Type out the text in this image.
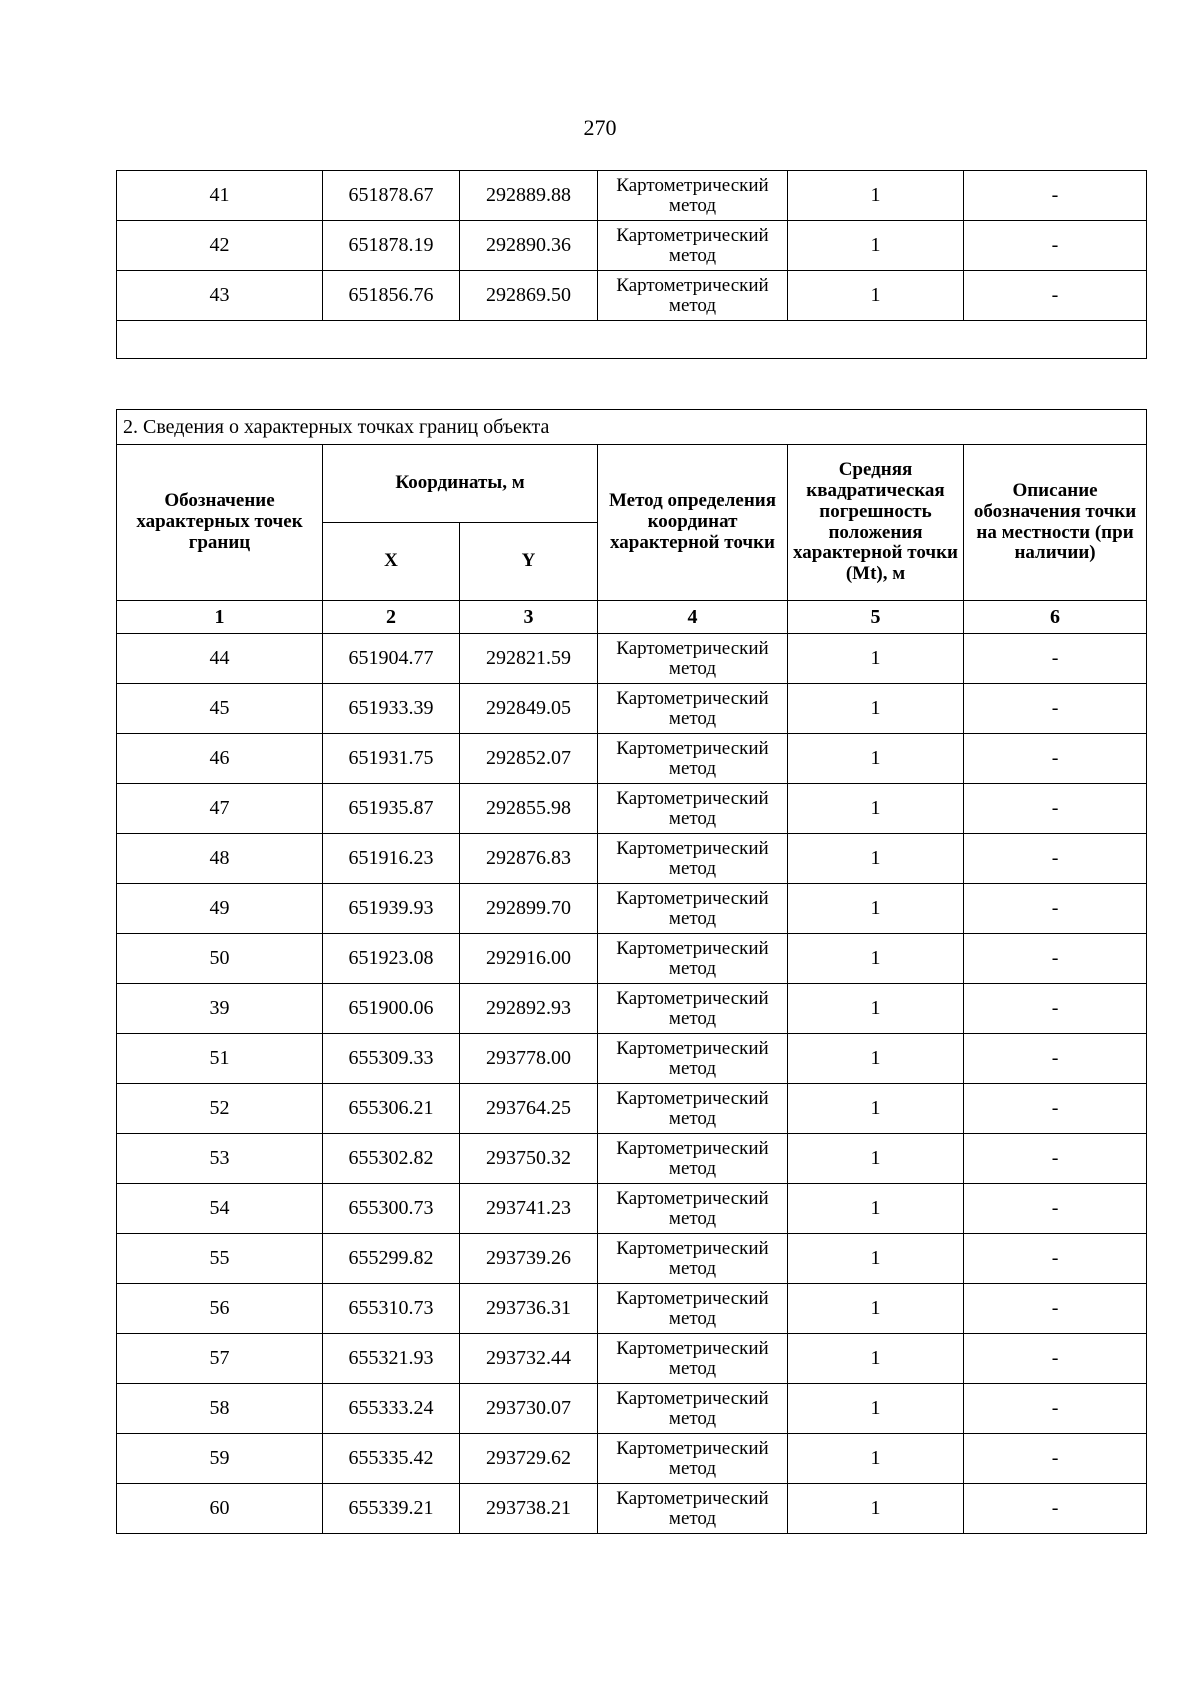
270
41	651878.67	292889.88	Картометрический метод	1	-
42	651878.19	292890.36	Картометрический метод	1	-
43	651856.76	292869.50	Картометрический метод	1	-

2. Сведения о характерных точках границ объекта					
Обозначение характерных точек границ	Координаты, м		Метод определения координат характерной точки	Средняя квадратическая погрешность положения характерной точки (Mt), м	Описание обозначения точки на местности (при наличии)
	X	Y			
1	2	3	4	5	6
44	651904.77	292821.59	Картометрический метод	1	-
45	651933.39	292849.05	Картометрический метод	1	-
46	651931.75	292852.07	Картометрический метод	1	-
47	651935.87	292855.98	Картометрический метод	1	-
48	651916.23	292876.83	Картометрический метод	1	-
49	651939.93	292899.70	Картометрический метод	1	-
50	651923.08	292916.00	Картометрический метод	1	-
39	651900.06	292892.93	Картометрический метод	1	-
51	655309.33	293778.00	Картометрический метод	1	-
52	655306.21	293764.25	Картометрический метод	1	-
53	655302.82	293750.32	Картометрический метод	1	-
54	655300.73	293741.23	Картометрический метод	1	-
55	655299.82	293739.26	Картометрический метод	1	-
56	655310.73	293736.31	Картометрический метод	1	-
57	655321.93	293732.44	Картометрический метод	1	-
58	655333.24	293730.07	Картометрический метод	1	-
59	655335.42	293729.62	Картометрический метод	1	-
60	655339.21	293738.21	Картометрический метод	1	-
